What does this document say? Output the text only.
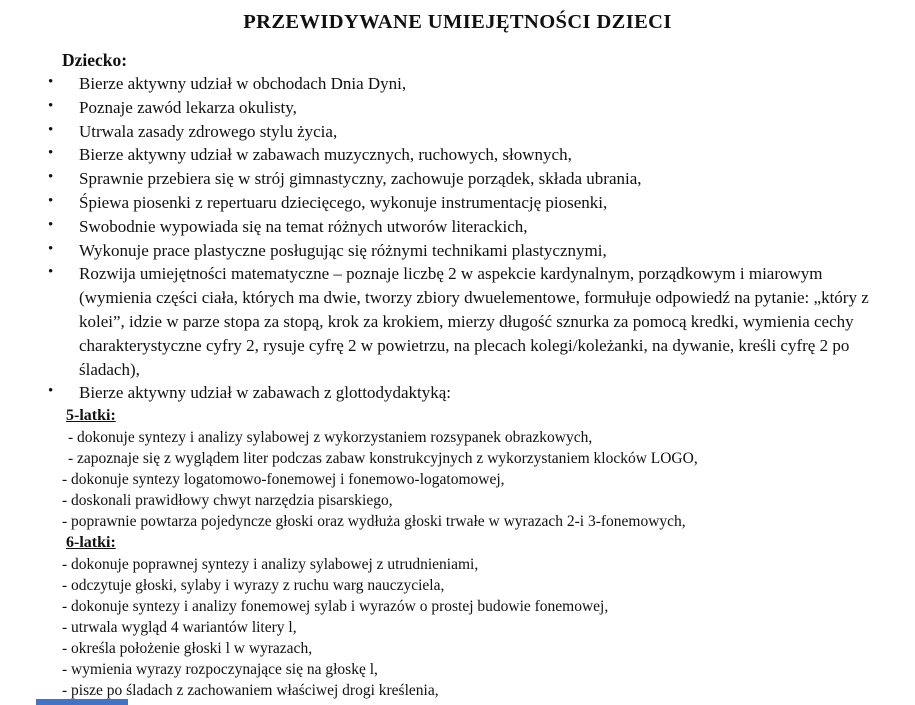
PRZEWIDYWANE UMIEJĘTNOŚCI DZIECI
Dziecko:
• Bierze aktywny udział w obchodach Dnia Dyni,
• Poznaje zawód lekarza okulisty,
• Utrwala zasady zdrowego stylu życia,
• Bierze aktywny udział w zabawach muzycznych, ruchowych, słownych,
• Sprawnie przebiera się w strój gimnastyczny, zachowuje porządek, składa ubrania,
• Śpiewa piosenki z repertuaru dziecięcego, wykonuje instrumentację piosenki,
• Swobodnie wypowiada się na temat różnych utworów literackich,
• Wykonuje prace plastyczne posługując się różnymi technikami plastycznymi,
• Rozwija umiejętności matematyczne – poznaje liczbę 2 w aspekcie kardynalnym, porządkowym i miarowym (wymienia części ciała, których ma dwie, tworzy zbiory dwuelementowe, formułuje odpowiedź na pytanie: „który z kolei”, idzie w parze stopa za stopą, krok za krokiem, mierzy długość sznurka za pomocą kredki, wymienia cechy charakterystyczne cyfry 2, rysuje cyfrę 2 w powietrzu, na plecach kolegi/koleżanki, na dywanie, kreśli cyfrę 2 po śladach),
• Bierze aktywny udział w zabawach z glottodydaktyką:
5-latki:
- dokonuje syntezy i analizy sylabowej z wykorzystaniem rozsypanek obrazkowych,
- zapoznaje się z wyglądem liter podczas zabaw konstrukcyjnych z wykorzystaniem klocków LOGO,
- dokonuje syntezy logatomowo-fonemowej i fonemowo-logatomowej,
- doskonali prawidłowy chwyt narzędzia pisarskiego,
- poprawnie powtarza pojedyncze głoski oraz wydłuża głoski trwałe w wyrazach 2-i 3-fonemowych,
6-latki:
- dokonuje poprawnej syntezy i analizy sylabowej z utrudnieniami,
- odczytuje głoski, sylaby i wyrazy z ruchu warg nauczyciela,
- dokonuje syntezy i analizy fonemowej sylab i wyrazów o prostej budowie fonemowej,
- utrwala wygląd 4 wariantów litery l,
- określa położenie głoski l w wyrazach,
- wymienia wyrazy rozpoczynające się na głoskę l,
- pisze po śladach z zachowaniem właściwej drogi kreślenia,
